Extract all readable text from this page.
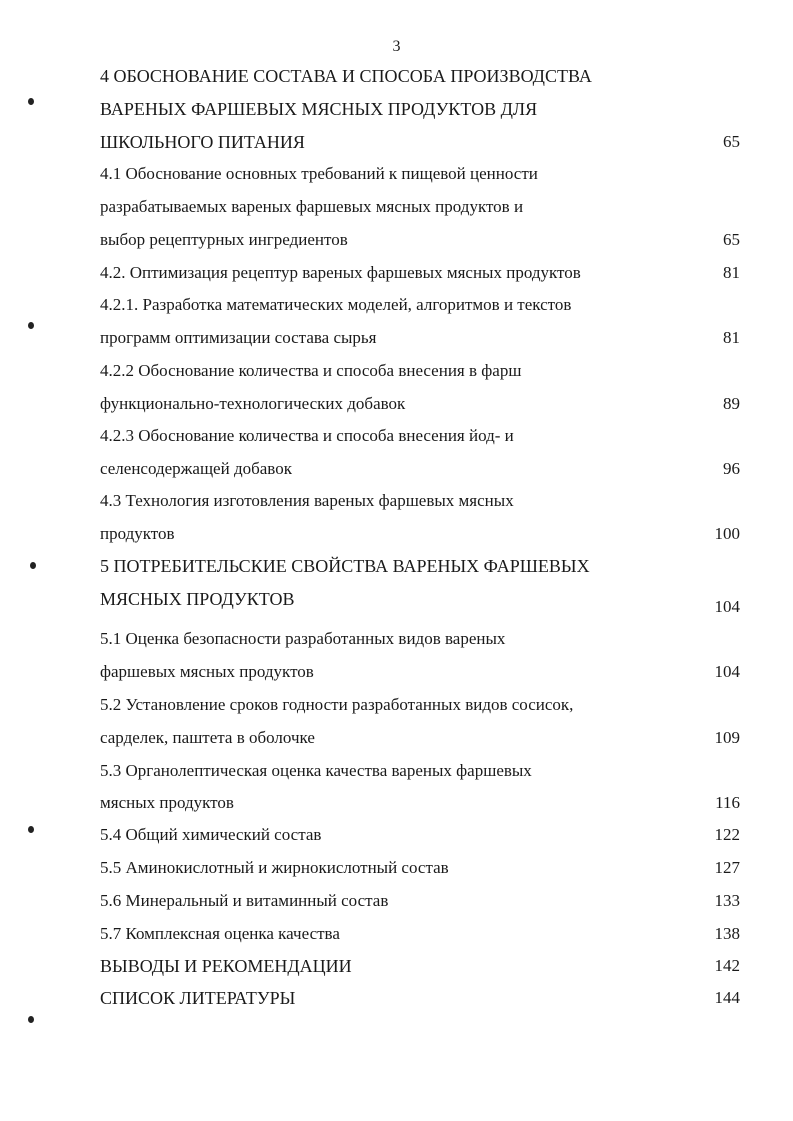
3
4 ОБОСНОВАНИЕ СОСТАВА И СПОСОБА ПРОИЗВОДСТВА
ВАРЕНЫХ ФАРШЕВЫХ МЯСНЫХ ПРОДУКТОВ ДЛЯ
ШКОЛЬНОГО ПИТАНИЯ	65
4.1 Обоснование основных требований к пищевой ценности
разрабатываемых вареных фаршевых мясных продуктов и
выбор рецептурных ингредиентов	65
4.2. Оптимизация рецептур вареных фаршевых мясных продуктов	81
4.2.1. Разработка математических моделей, алгоритмов и текстов
программ оптимизации состава сырья	81
4.2.2 Обоснование количества и способа внесения в фарш
функционально-технологических добавок	89
4.2.3 Обоснование количества и способа внесения йод- и
селенсодержащей добавок	96
4.3 Технология изготовления вареных фаршевых мясных
продуктов	100
5 ПОТРЕБИТЕЛЬСКИЕ СВОЙСТВА ВАРЕНЫХ ФАРШЕВЫХ
МЯСНЫХ ПРОДУКТОВ	104
5.1 Оценка безопасности разработанных видов вареных
фаршевых мясных продуктов	104
5.2 Установление сроков годности разработанных видов сосисок,
сарделек, паштета в оболочке	109
5.3 Органолептическая оценка качества вареных фаршевых
мясных продуктов	116
5.4 Общий химический состав	122
5.5 Аминокислотный и жирнокислотный состав	127
5.6 Минеральный и витаминный состав	133
5.7 Комплексная оценка качества	138
ВЫВОДЫ И РЕКОМЕНДАЦИИ	142
СПИСОК ЛИТЕРАТУРЫ	144
